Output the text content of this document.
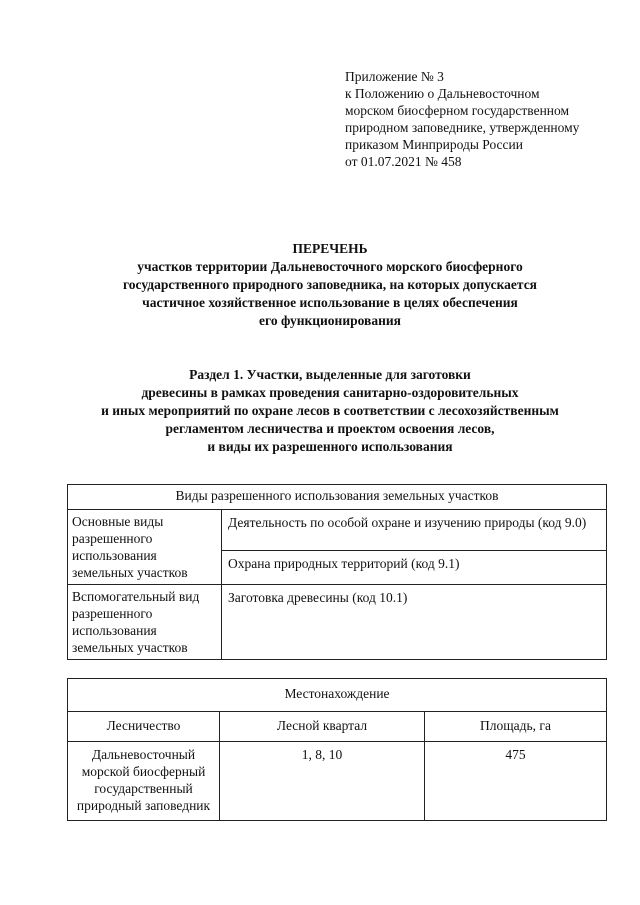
Приложение № 3
к Положению о Дальневосточном
морском биосферном государственном
природном заповеднике, утвержденному
приказом Минприроды России
от 01.07.2021 № 458
ПЕРЕЧЕНЬ
участков территории Дальневосточного морского биосферного
государственного природного заповедника, на которых допускается
частичное хозяйственное использование в целях обеспечения
его функционирования
Раздел 1. Участки, выделенные для заготовки
древесины в рамках проведения санитарно-оздоровительных
и иных мероприятий по охране лесов в соответствии с лесохозяйственным
регламентом лесничества и проектом освоения лесов,
и виды их разрешенного использования
Виды разрешенного использования земельных участков	
Основные виды разрешенного использования земельных участков	Деятельность по особой охране и изучению природы (код 9.0)
	Охрана природных территорий (код 9.1)
Вспомогательный вид разрешенного использования земельных участков	Заготовка древесины (код 10.1)
Местонахождение		
Лесничество	Лесной квартал	Площадь, га
Дальневосточный морской биосферный государственный природный заповедник	1, 8, 10	475
